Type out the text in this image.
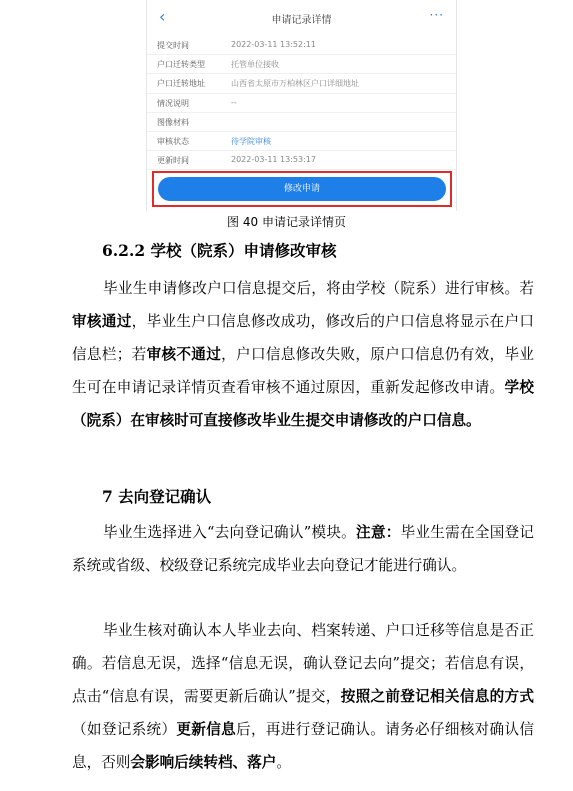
‹	申请记录详情	···
提交时间	2022-03-11 13:52:11
户口迁转类型	托管单位接收
户口迁转地址	山西省太原市万柏林区户口详细地址
情况说明	--
图像材料
审核状态	待学院审核
更新时间	2022-03-11 13:53:17
修改申请
图 40 申请记录详情页
6.2.2 学校（院系）申请修改审核

毕业生申请修改户口信息提交后，将由学校（院系）进行审核。若审核通过，毕业生户口信息修改成功，修改后的户口信息将显示在户口信息栏；若审核不通过，户口信息修改失败，原户口信息仍有效，毕业生可在申请记录详情页查看审核不通过原因，重新发起修改申请。学校（院系）在审核时可直接修改毕业生提交申请修改的户口信息。

7 去向登记确认

毕业生选择进入“去向登记确认”模块。注意：毕业生需在全国登记系统或省级、校级登记系统完成毕业去向登记才能进行确认。

毕业生核对确认本人毕业去向、档案转递、户口迁移等信息是否正确。若信息无误，选择“信息无误，确认登记去向”提交；若信息有误，点击“信息有误，需要更新后确认”提交，按照之前登记相关信息的方式（如登记系统）更新信息后，再进行登记确认。请务必仔细核对确认信息，否则会影响后续转档、落户。
